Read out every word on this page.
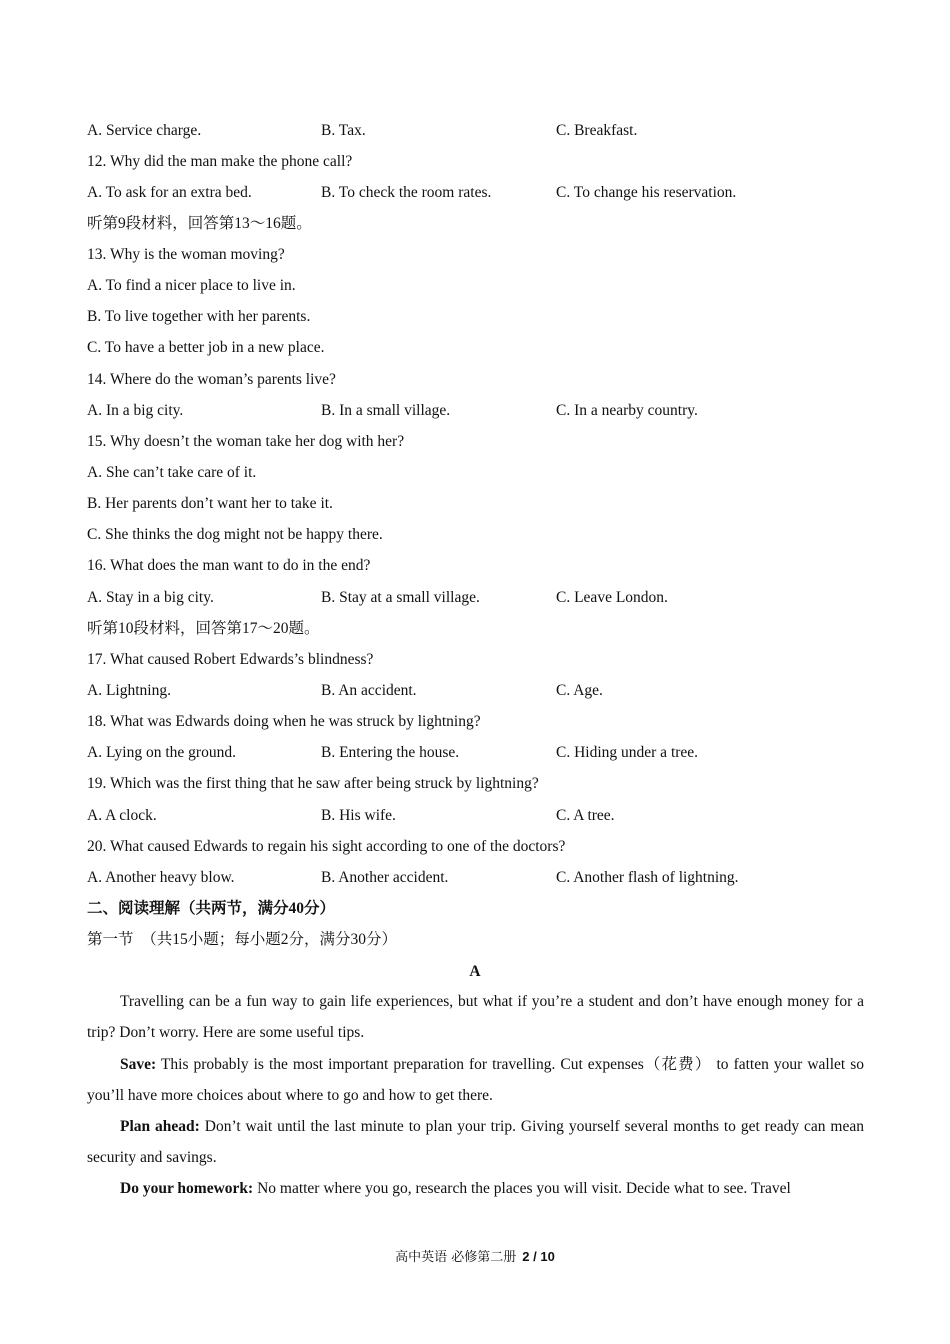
A. Service charge.	B. Tax.	C. Breakfast.
12. Why did the man make the phone call?
A. To ask for an extra bed.	B. To check the room rates.	C. To change his reservation.
听第9段材料，回答第13～16题。
13. Why is the woman moving?
A. To find a nicer place to live in.
B. To live together with her parents.
C. To have a better job in a new place.
14. Where do the woman’s parents live?
A. In a big city.	B. In a small village.	C. In a nearby country.
15. Why doesn’t the woman take her dog with her?
A. She can’t take care of it.
B. Her parents don’t want her to take it.
C. She thinks the dog might not be happy there.
16. What does the man want to do in the end?
A. Stay in a big city.	B. Stay at a small village.	C. Leave London.
听第10段材料，回答第17～20题。
17. What caused Robert Edwards’s blindness?
A. Lightning.	B. An accident.	C. Age.
18. What was Edwards doing when he was struck by lightning?
A. Lying on the ground.	B. Entering the house.	C. Hiding under a tree.
19. Which was the first thing that he saw after being struck by lightning?
A. A clock.	B. His wife.	C. A tree.
20. What caused Edwards to regain his sight according to one of the doctors?
A. Another heavy blow.	B. Another accident.	C. Another flash of lightning.
二、阅读理解（共两节，满分40分）
第一节　（共15小题；每小题2分，满分30分）
A
Travelling can be a fun way to gain life experiences, but what if you’re a student and don’t have enough money for a trip? Don’t worry. Here are some useful tips.
Save: This probably is the most important preparation for travelling. Cut expenses（花费） to fatten your wallet so you’ll have more choices about where to go and how to get there.
Plan ahead: Don’t wait until the last minute to plan your trip. Giving yourself several months to get ready can mean security and savings.
Do your homework: No matter where you go, research the places you will visit. Decide what to see. Travel
高中英语 必修第二册 2 / 10
